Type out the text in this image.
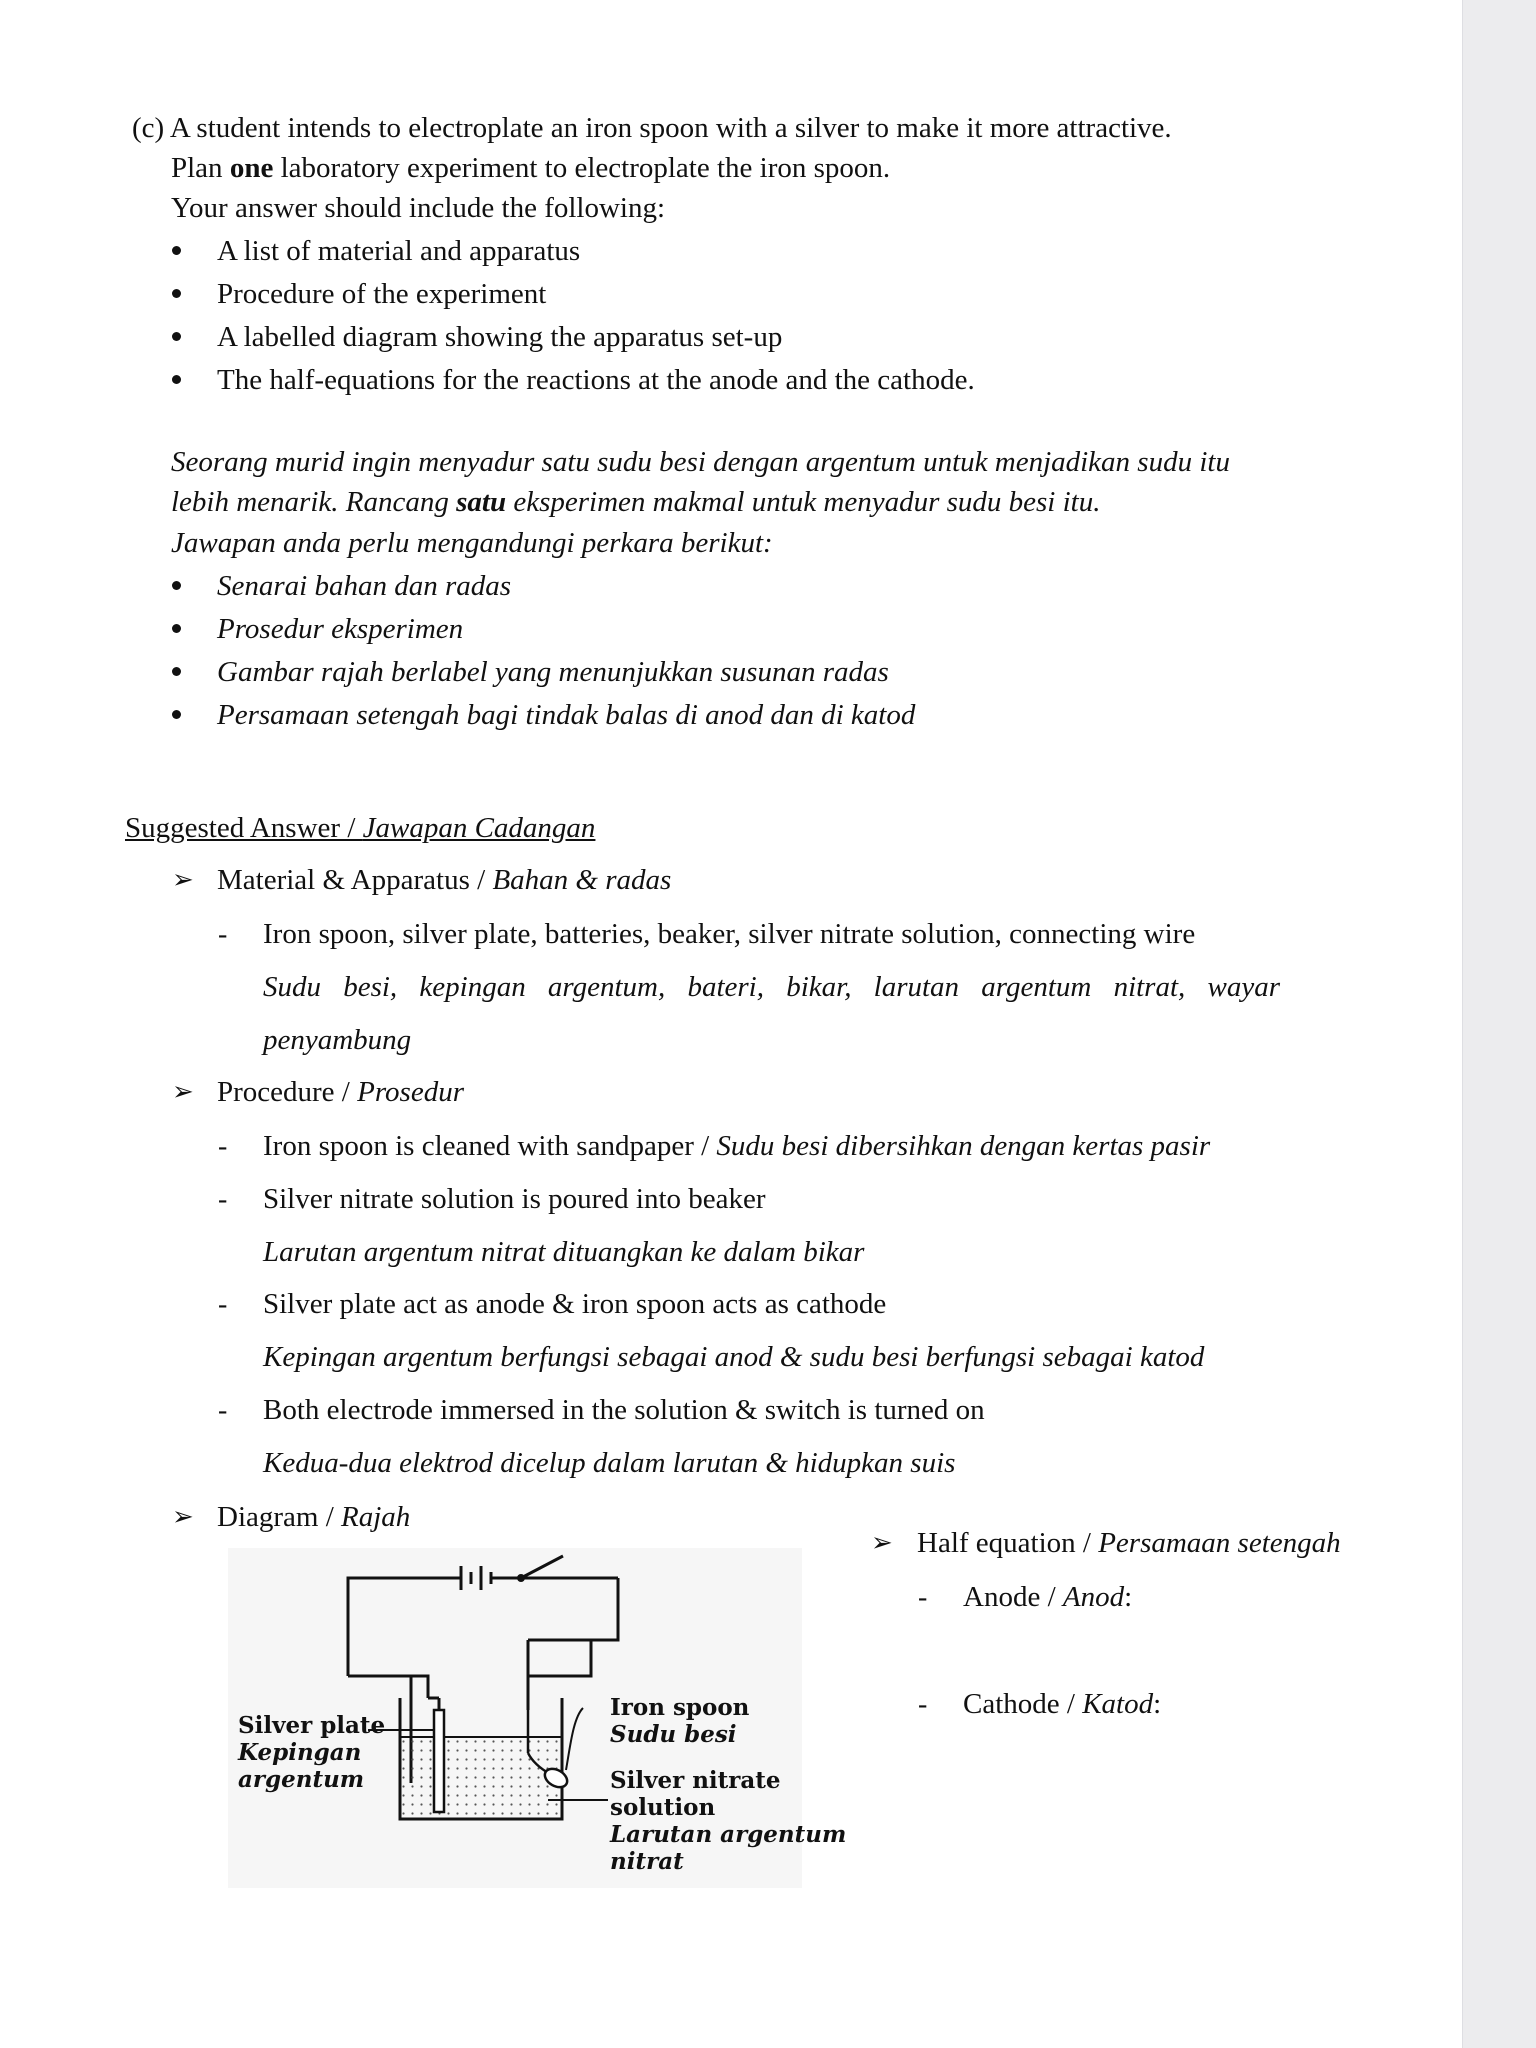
(c) A student intends to electroplate an iron spoon with a silver to make it more attractive.
Plan one laboratory experiment to electroplate the iron spoon.
Your answer should include the following:
A list of material and apparatus
Procedure of the experiment
A labelled diagram showing the apparatus set-up
The half-equations for the reactions at the anode and the cathode.
Seorang murid ingin menyadur satu sudu besi dengan argentum untuk menjadikan sudu itu
lebih menarik. Rancang satu eksperimen makmal untuk menyadur sudu besi itu.
Jawapan anda perlu mengandungi perkara berikut:
Senarai bahan dan radas
Prosedur eksperimen
Gambar rajah berlabel yang menunjukkan susunan radas
Persamaan setengah bagi tindak balas di anod dan di katod
Suggested Answer / Jawapan Cadangan
➢ Material & Apparatus / Bahan & radas
- Iron spoon, silver plate, batteries, beaker, silver nitrate solution, connecting wire
Sudu besi, kepingan argentum, bateri, bikar, larutan argentum nitrat, wayar
penyambung
➢ Procedure / Prosedur
- Iron spoon is cleaned with sandpaper / Sudu besi dibersihkan dengan kertas pasir
- Silver nitrate solution is poured into beaker
Larutan argentum nitrat dituangkan ke dalam bikar
- Silver plate act as anode & iron spoon acts as cathode
Kepingan argentum berfungsi sebagai anod & sudu besi berfungsi sebagai katod
- Both electrode immersed in the solution & switch is turned on
Kedua-dua elektrod dicelup dalam larutan & hidupkan suis
➢ Diagram / Rajah
➢ Half equation / Persamaan setengah
- Anode / Anod:
- Cathode / Katod:
Silver plate
Kepingan
argentum
Iron spoon
Sudu besi
Silver nitrate
solution
Larutan argentum
nitrat
